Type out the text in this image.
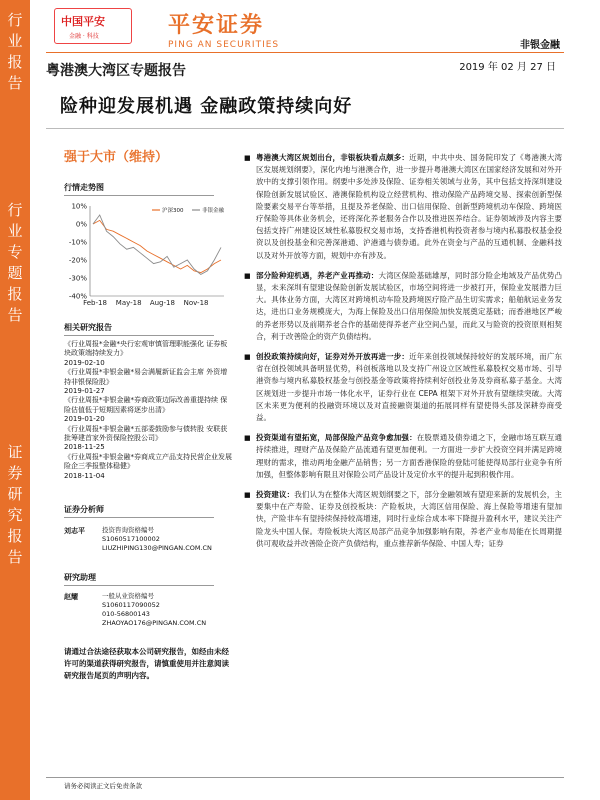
行
业
报
告
行
业
专
题
报
告
证
券
研
究
报
告
中国平安
金融 · 科技	平安证券
PING AN SECURITIES	非银金融
2019 年 02 月 27 日
粤港澳大湾区专题报告
险种迎发展机遇 金融政策持续向好
强于大市（维持）
行情走势图
10%
0%
-10%
-20%
-30%
-40%
Feb-18 May-18 Aug-18 Nov-18
沪深300	非银金融
相关研究报告
《行业周报*金融*央行宏观审慎管理职能强化 证券板块政策端持续发力》
2019-02-10
《行业周报*非银金融*易会满履新证监会主席 外资增持非银保险股》
2019-01-27
《行业周报*非银金融*券商政策边际改善重提持续 保险估值低于短期因素将逐步出清》
2019-01-20
《行业周报*非银金融*五部委鼓励参与债转股 安联获批筹建首家外资保险控股公司》
2018-11-25
《行业周报*非银金融*券商成立产品支持民营企业发展 险企三季报整体稳健》
2018-11-04
证券分析师
刘志平	投资咨询资格编号
S1060517100002
LIUZHIPING130@PINGAN.COM.CN
研究助理
赵耀	一般从业资格编号
S1060117090052
010-56800143
ZHAOYAO176@PINGAN.COM.CN
请通过合法途径获取本公司研究报告，如经由未经许可的渠道获得研究报告，请慎重使用并注意阅读研究报告尾页的声明内容。
■ 粤港澳大湾区规划出台，非银板块看点颇多：近期，中共中央、国务院印发了《粤港澳大湾区发展规划纲要》，深化内地与港澳合作，进一步提升粤港澳大湾区在国家经济发展和对外开放中的支撑引领作用。纲要中多处涉及保险、证券相关领域与业务，其中包括支持深圳建设保险创新发展试验区、港澳保险机构设立经营机构、推动保险产品跨境交易、探索创新型保险要素交易平台等举措，且提及养老保险、出口信用保险、创新型跨境机动车保险、跨境医疗保险等具体业务机会，还将深化养老服务合作以及推进医养结合。证券领域涉及内容主要包括支持广州建设区域性私募股权交易市场，支持香港机构投资者参与境内私募股权基金投资以及创投基金和完善深港通、沪港通与债券通。此外在资金与产品的互通机制、金融科技以及对外开放等方面，规划中亦有涉及。
■ 部分险种迎机遇，养老产业再推动：大湾区保险基础雄厚，同时部分险企地域及产品优势凸显，未来深圳有望建设保险创新发展试验区，市场空间将进一步被打开，保险业发展潜力巨大。具体业务方面，大湾区对跨境机动车险及跨境医疗险产品生切实需求；船舶航运业务发达，进出口业务规模庞大，为海上保险及出口信用保险加快发展奠定基础；而香港地区严峻的养老形势以及前期养老合作的基础使得养老产业空间凸显，而此又与险资的投资原则相契合，利于改善险企的资产负债结构。
■ 创投政策持续向好，证券对外开放再进一步：近年来创投领域保持较好的发展环境，而广东省在创投领域具备明显优势，科创板落地以及支持广州设立区域性私募股权交易市场、引导港资参与境内私募股权基金与创投基金等政策将持续利好创投业务及券商私募子基金。大湾区规划进一步提升市场一体化水平，证券行业在 CEPA 框架下对外开放有望继续突破。大湾区未来更为便利的投融资环境以及对直接融资渠道的拓展同样有望使得头部及深耕券商受益。
■ 投资渠道有望拓宽，局部保险产品竞争愈加强：在股票通及债券通之下，金融市场互联互通持续推进，理财产品及保险产品流通有望更加便利。一方面进一步扩大投资空间并满足跨境理财的需求，推动两地金融产品销售；另一方面香港保险的登陆可能使得局部行业竞争有所加强，但整体影响有限且对保险公司产品设计及定价水平的提升起到积极作用。
■ 投资建议：我们认为在整体大湾区规划纲要之下，部分金融领域有望迎来新的发展机会，主要集中在产寿险、证券及创投板块：产险板块，大湾区信用保险、海上保险等增速有望加快，产险非车有望持续保持较高增速，同时行业综合成本率下降提升盈利水平，建议关注产险龙头中国人保。寿险板块大湾区局部产品竞争加强影响有限，养老产业布局能在长周期提供可观收益并改善险企资产负债结构，重点推荐新华保险、中国人寿；证券
请务必阅读正文后免责条款
